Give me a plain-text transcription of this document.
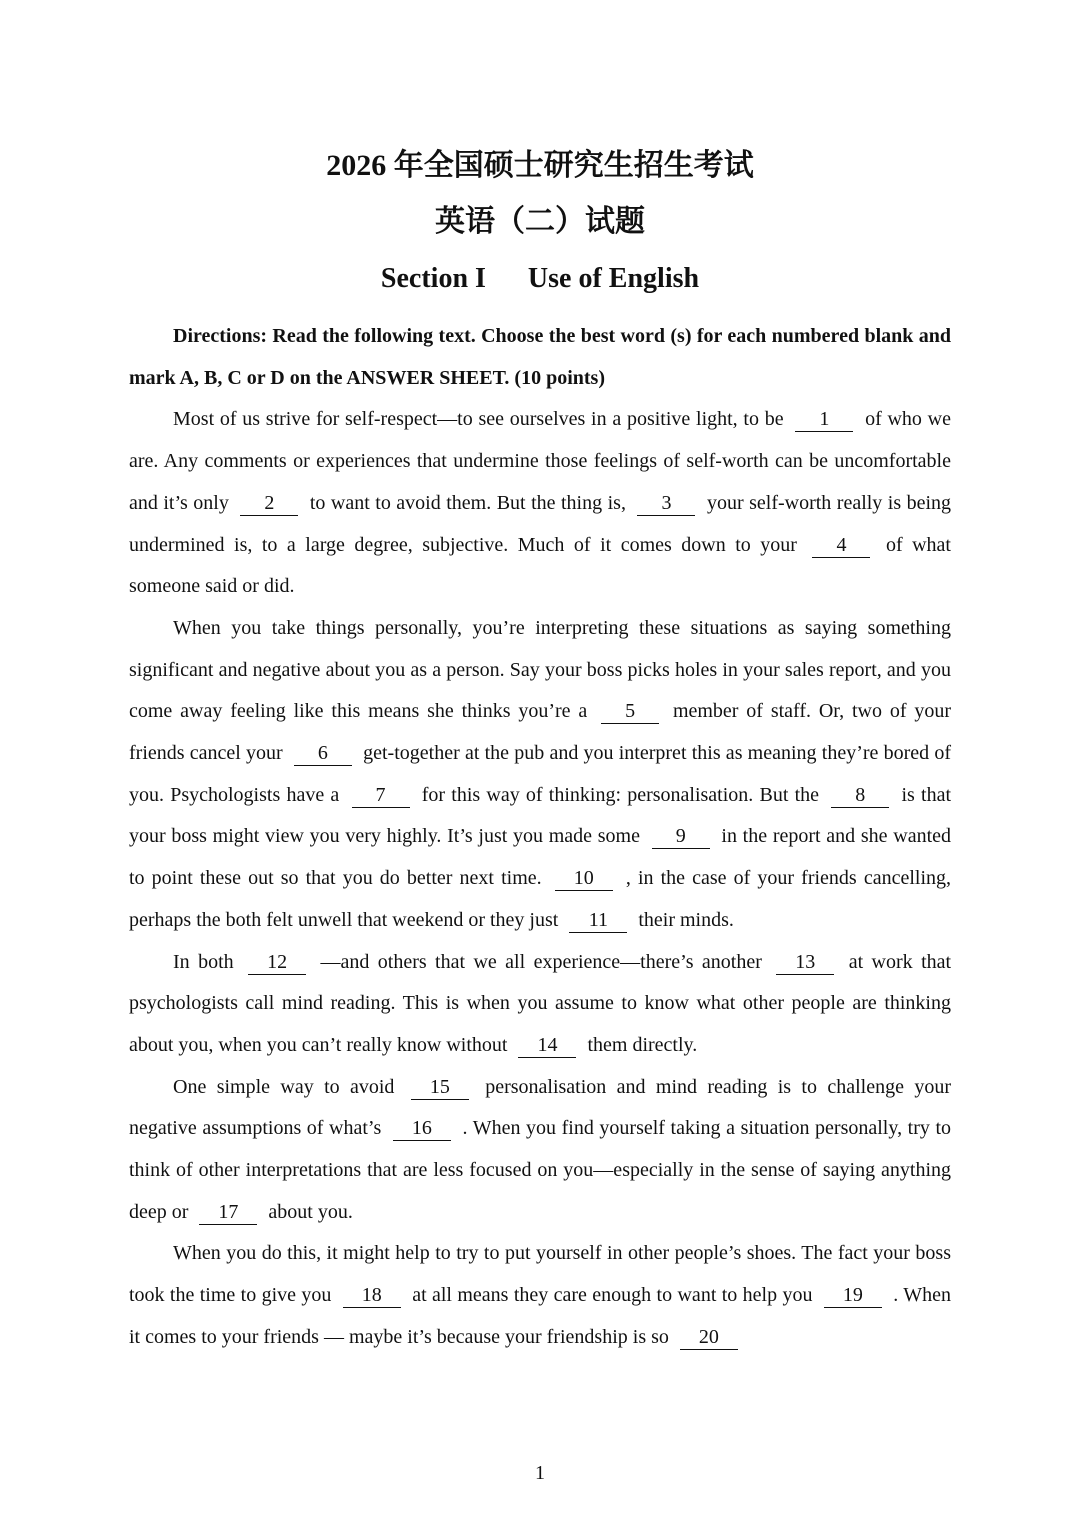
2026 年全国硕士研究生招生考试
英语（二）试题
Section I      Use of English

Directions: Read the following text. Choose the best word (s) for each numbered blank and mark A, B, C or D on the ANSWER SHEET. (10 points)

Most of us strive for self-respect—to see ourselves in a positive light, to be 1 of who we are. Any comments or experiences that undermine those feelings of self-worth can be uncomfortable and it’s only 2 to want to avoid them. But the thing is, 3 your self-worth really is being undermined is, to a large degree, subjective. Much of it comes down to your 4 of what someone said or did.

When you take things personally, you’re interpreting these situations as saying something significant and negative about you as a person. Say your boss picks holes in your sales report, and you come away feeling like this means she thinks you’re a 5 member of staff. Or, two of your friends cancel your 6 get-together at the pub and you interpret this as meaning they’re bored of you. Psychologists have a 7 for this way of thinking: personalisation. But the 8 is that your boss might view you very highly. It’s just you made some 9 in the report and she wanted to point these out so that you do better next time. 10 , in the case of your friends cancelling, perhaps the both felt unwell that weekend or they just 11 their minds.

In both 12 —and others that we all experience—there’s another 13 at work that psychologists call mind reading. This is when you assume to know what other people are thinking about you, when you can’t really know without 14 them directly.

One simple way to avoid 15 personalisation and mind reading is to challenge your negative assumptions of what’s 16 . When you find yourself taking a situation personally, try to think of other interpretations that are less focused on you—especially in the sense of saying anything deep or 17 about you.

When you do this, it might help to try to put yourself in other people’s shoes. The fact your boss took the time to give you 18 at all means they care enough to want to help you 19 . When it comes to your friends — maybe it’s because your friendship is so 20

1
